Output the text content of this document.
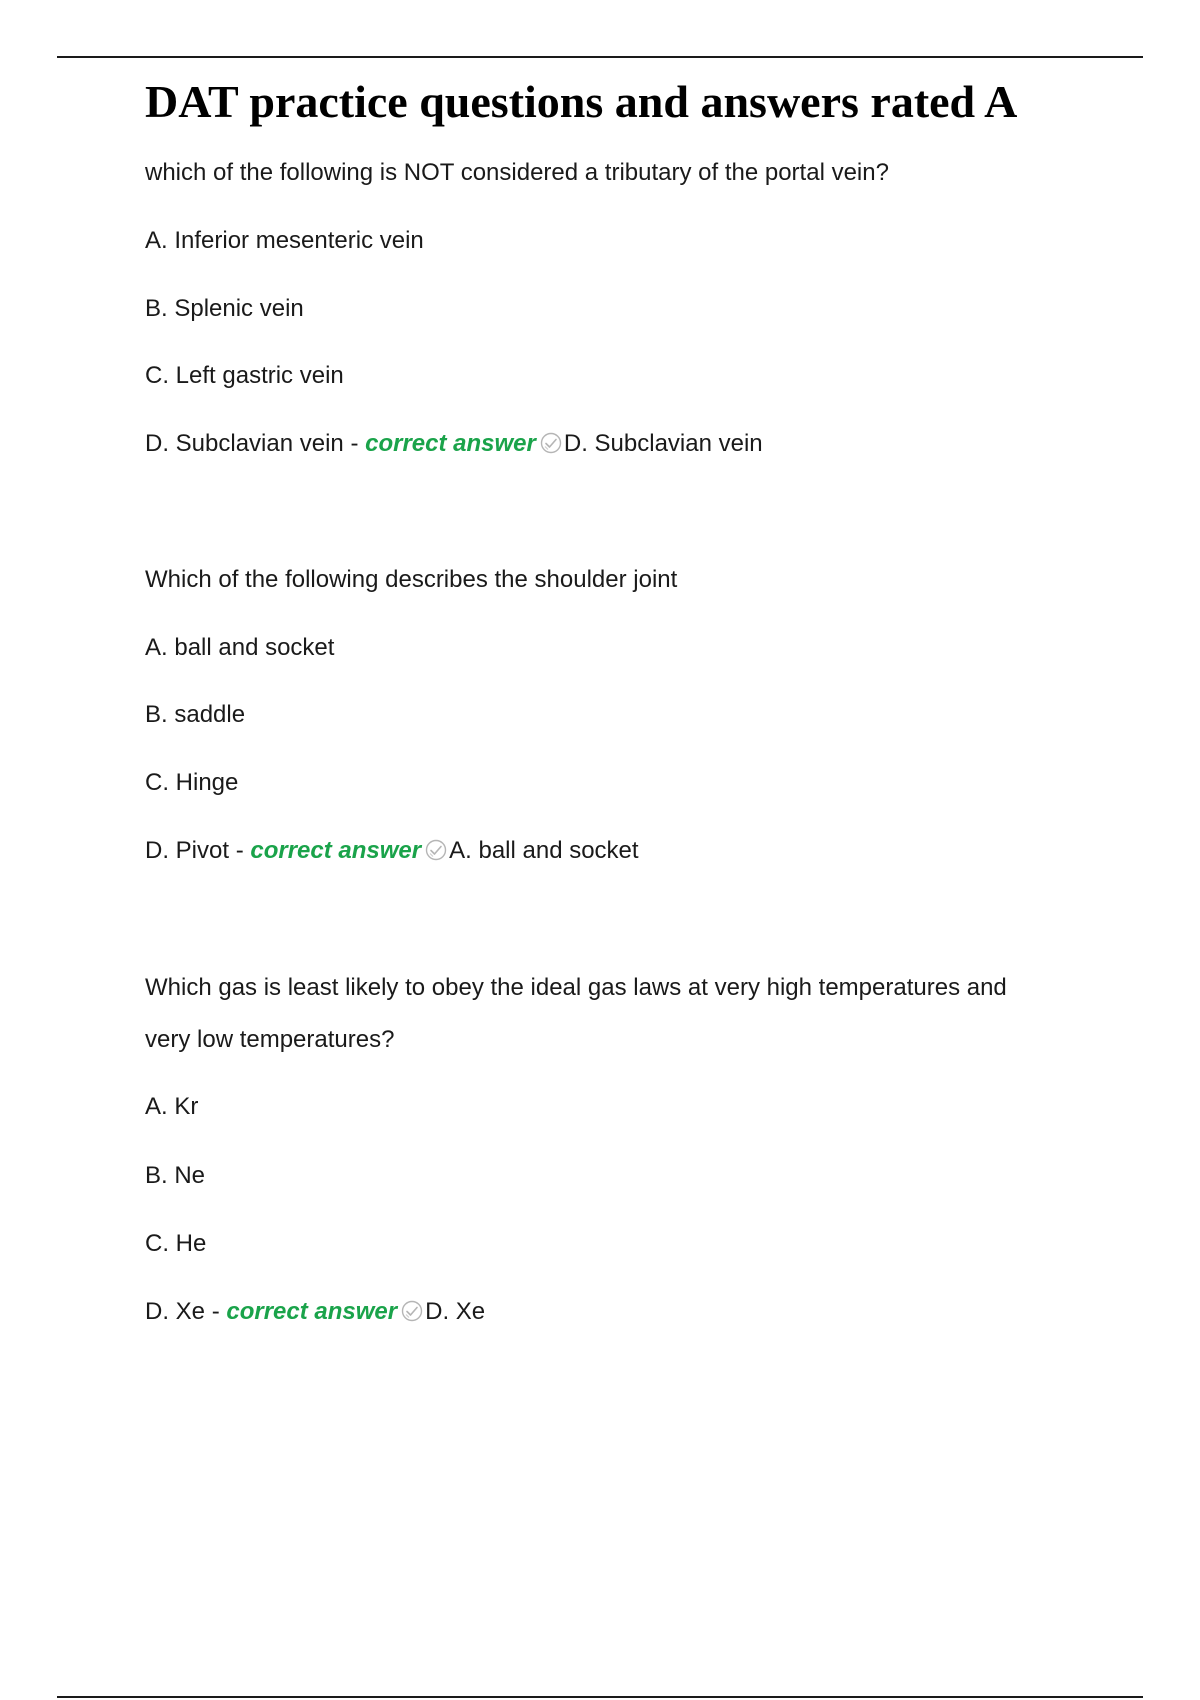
DAT practice questions and answers rated A
which of the following is NOT considered a tributary of the portal vein?
A. Inferior mesenteric vein
B. Splenic vein
C. Left gastric vein
D. Subclavian vein - correct answer D. Subclavian vein
Which of the following describes the shoulder joint
A. ball and socket
B. saddle
C. Hinge
D. Pivot - correct answer A. ball and socket
Which gas is least likely to obey the ideal gas laws at very high temperatures and
very low temperatures?
A. Kr
B. Ne
C. He
D. Xe - correct answer D. Xe
